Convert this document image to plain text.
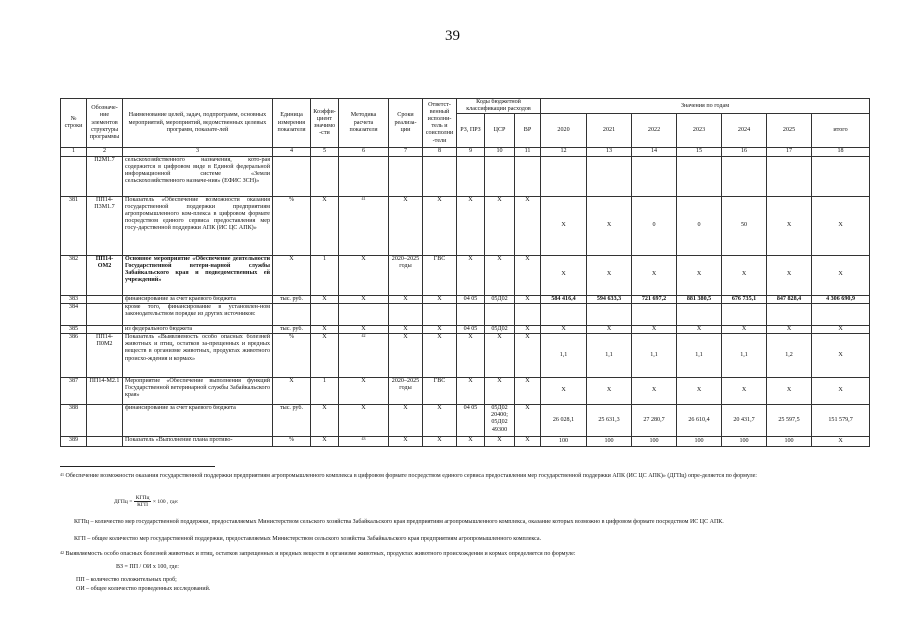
39
№ строки	Обозначе-ние элементов структуры программы	Наименование целей, задач, подпрограмм, основных мероприятий, мероприятий, ведомственных целевых программ, показате-лей	Единица измерения показателя	Коэффи-циент значимо-сти	Методика расчета показателя	Сроки реализа-ции	Ответст-венный исполни-тель и соисполни-тели	Коды бюджетной классификации расходов			Значения по годам						
								РЗ, ПРЗ	ЦСР	ВР	2020	2021	2022	2023	2024	2025	итого
1	2	3	4	5	6	7	8	9	10	11	12	13	14	15	16	17	18
	П2М1.7	сельскохозяйственного назначения, кото-рая содержится в цифровом виде в Единой федеральной информационной системе «Земли сельскохозяйственного назначе-ния» (ЕФИС ЗСН)»															
381	ПП14-П3М1.7	Показатель «Обеспечение возможности оказания государственной поддержки предприятиям агропромышленного ком-плекса в цифровом формате посредством единого сервиса предоставления мер госу-дарственной поддержки АПК (ИС ЦС АПК)»	%	X	$^{41}$	X	X	X	X	X	X	X	0	0	50	X	X
382	ПП14-ОМ2	Основное мероприятие «Обеспечение деятельности Государственной ветери-нарной службы Забайкальского края и подведомственных ей учреждений»	X	1	X	2020–2025 годы	ГВС	X	X	X	X	X	X	X	X	X	X
383		финансирование за счет краевого бюджета	тыс. руб.	X	X	X	X	04 05	05Д02	X	584 416,4	594 633,3	721 697,2	881 380,5	676 735,1	847 828,4	4 306 690,9
384		кроме того, финансирование в установлен-ном законодательством порядке из других источников:															
385		из федерального бюджета	тыс. руб.	X	X	X	X	04 05	05Д02	X	X	X	X	X	X	X	X
386	ПП14-П0М2	Показатель «Выявляемость особо опасных болезней животных и птиц, остатков за-прещенных и вредных веществ в организме животных, продуктах животного происхо-ждения и кормах»	%	X	$^{42}$	X	X	X	X	X	1,1	1,1	1,1	1,1	1,1	1,2	X
387	ПП14-М2.1	Мероприятие «Обеспечение выполнения функций Государственной ветеринарной службы Забайкальского края»	X	1	X	2020–2025 годы	ГВС	X	X	X	X	X	X	X	X	X	X
388		финансирование за счет краевого бюджета	тыс. руб.	X	X	X	X	04 05	05Д02 20400; 05Д02 49300	X	26 028,1	25 631,3	27 280,7	26 610,4	20 431,7	25 597,5	151 579,7
389		Показатель «Выполнение плана противо-	%	X	$^{43}$	X	X	X	X	X	100	100	100	100	100	100	X
$^{41}$ Обеспечение возможности оказания государственной поддержки предприятиям агропромышленного комплекса в цифровом формате посредством единого сервиса предоставления мер государственной поддержки АПК (ИС ЦС АПК)» (ДГПц) опре-деляется по формуле:
ДГПц = $\frac{\text{КГПц}}{\text{КГП}} \times 100$ , где:
КГПц – количество мер государственной поддержки, предоставляемых Министерством сельского хозяйства Забайкальского края предприятиям агропромышленного комплекса, оказание которых возможно в цифровом формате посредством ИС ЦС АПК.
КГП – общее количество мер государственной поддержки, предоставляемых Министерством сельского хозяйства Забайкальского края предприятиям агропромышленного комплекса.
$^{42}$ Выявляемость особо опасных болезней животных и птиц, остатков запрещенных и вредных веществ в организме животных, продуктах животного происхождения и кормах определяется по формуле:
ВЗ = ПП / ОИ х 100, где:
ПП – количество положительных проб;
ОИ – общее количество проведенных исследований.
